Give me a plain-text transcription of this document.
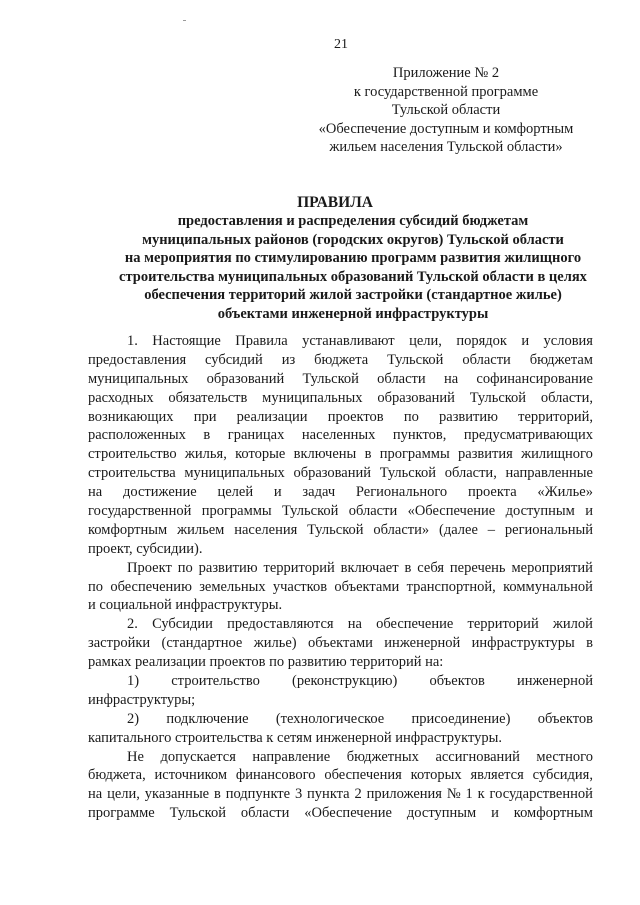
21
Приложение № 2
к государственной программе
Тульской области
«Обеспечение доступным и комфортным
жильем населения Тульской области»
ПРАВИЛА
предоставления и распределения субсидий бюджетам
муниципальных районов (городских округов) Тульской области
на мероприятия по стимулированию программ развития жилищного
строительства муниципальных образований Тульской области в целях
обеспечения территорий жилой застройки (стандартное жилье)
объектами инженерной инфраструктуры
1. Настоящие Правила устанавливают цели, порядок и условия
предоставления субсидий из бюджета Тульской области бюджетам
муниципальных образований Тульской области на софинансирование
расходных обязательств муниципальных образований Тульской области,
возникающих при реализации проектов по развитию территорий,
расположенных в границах населенных пунктов, предусматривающих
строительство жилья, которые включены в программы развития жилищного
строительства муниципальных образований Тульской области, направленные
на достижение целей и задач Регионального проекта «Жилье»
государственной программы Тульской области «Обеспечение доступным и
комфортным жильем населения Тульской области» (далее – региональный
проект, субсидии).
Проект по развитию территорий включает в себя перечень мероприятий
по обеспечению земельных участков объектами транспортной, коммунальной
и социальной инфраструктуры.
2. Субсидии предоставляются на обеспечение территорий жилой
застройки (стандартное жилье) объектами инженерной инфраструктуры в
рамках реализации проектов по развитию территорий на:
1) строительство (реконструкцию) объектов инженерной
инфраструктуры;
2) подключение (технологическое присоединение) объектов
капитального строительства к сетям инженерной инфраструктуры.
Не допускается направление бюджетных ассигнований местного
бюджета, источником финансового обеспечения которых является субсидия,
на цели, указанные в подпункте 3 пункта 2 приложения № 1 к государственной
программе Тульской области «Обеспечение доступным и комфортным
